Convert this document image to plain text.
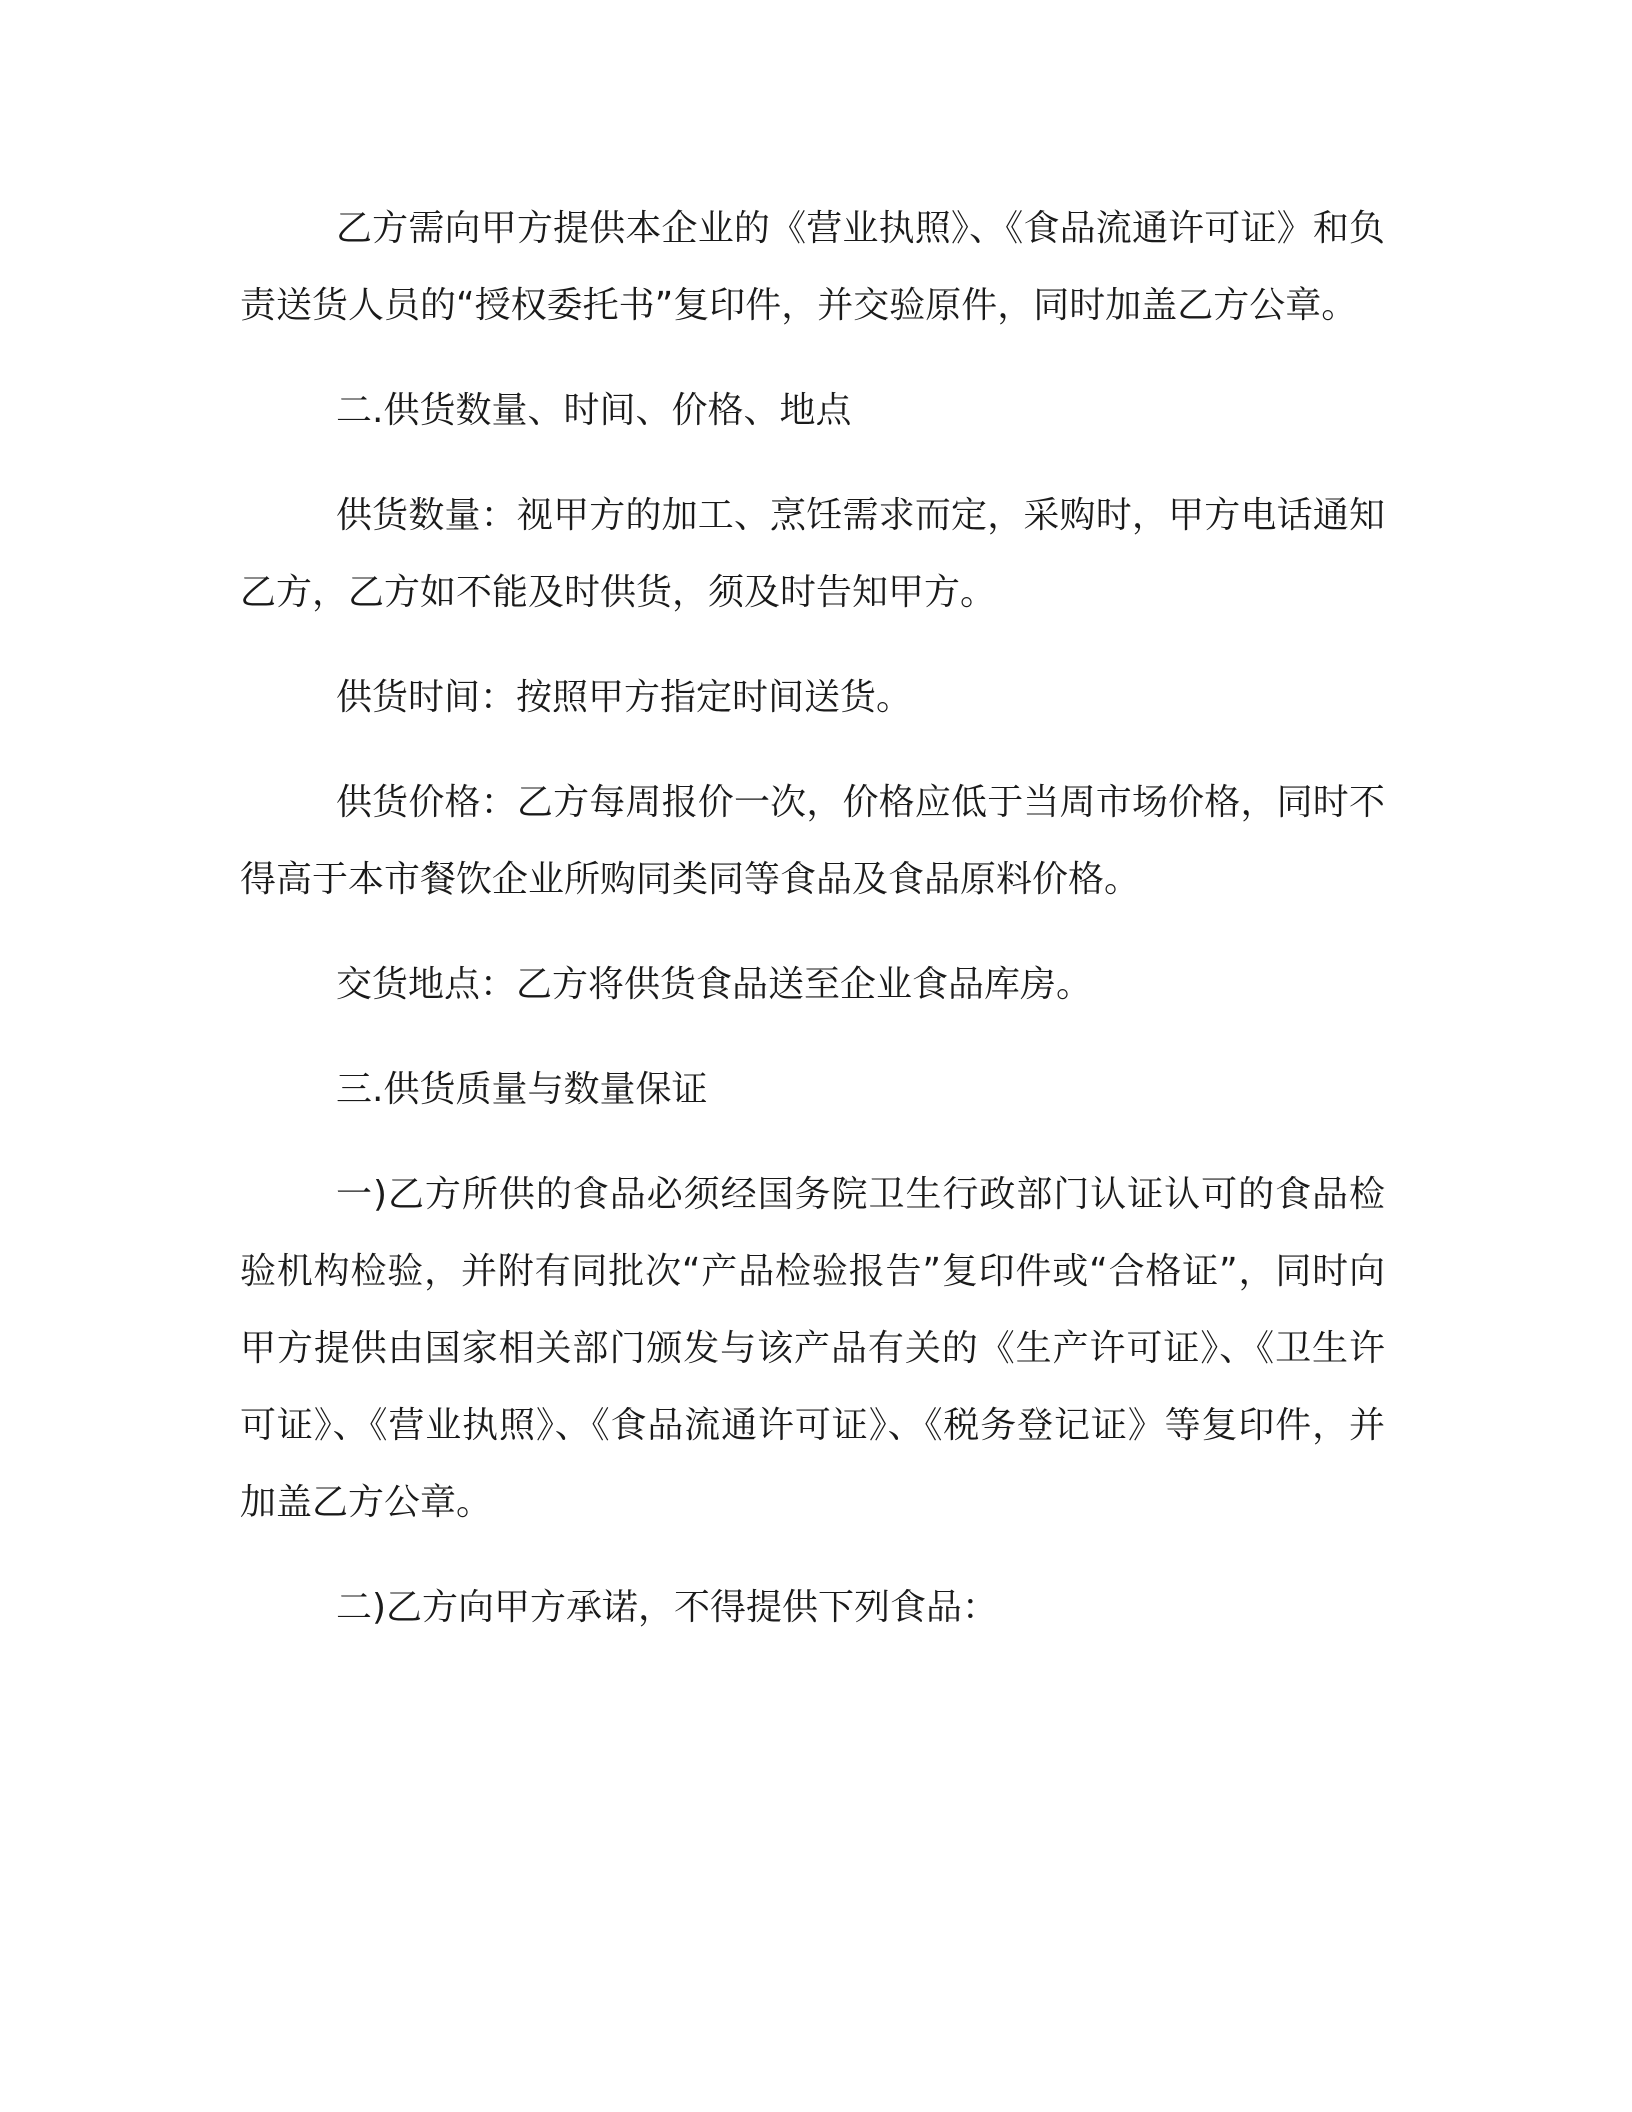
乙方需向甲方提供本企业的《营业执照》、《食品流通许可证》和负责送货人员的“授权委托书”复印件，并交验原件，同时加盖乙方公章。

二.供货数量、时间、价格、地点

供货数量：视甲方的加工、烹饪需求而定，采购时，甲方电话通知乙方，乙方如不能及时供货，须及时告知甲方。

供货时间：按照甲方指定时间送货。

供货价格：乙方每周报价一次，价格应低于当周市场价格，同时不得高于本市餐饮企业所购同类同等食品及食品原料价格。

交货地点：乙方将供货食品送至企业食品库房。

三.供货质量与数量保证

一)乙方所供的食品必须经国务院卫生行政部门认证认可的食品检验机构检验，并附有同批次“产品检验报告”复印件或“合格证”，同时向甲方提供由国家相关部门颁发与该产品有关的《生产许可证》、《卫生许可证》、《营业执照》、《食品流通许可证》、《税务登记证》等复印件，并加盖乙方公章。

二)乙方向甲方承诺，不得提供下列食品：
